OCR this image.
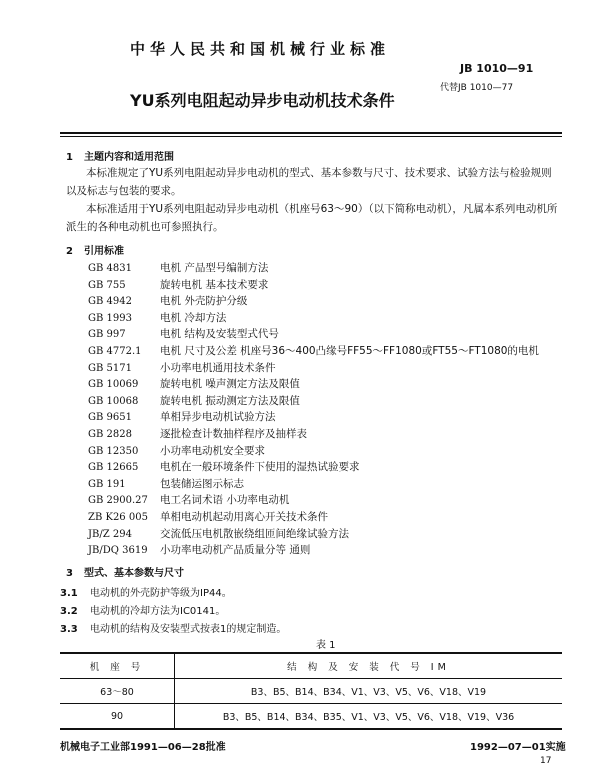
中华人民共和国机械行业标准
JB 1010—91
代替JB 1010—77
YU系列电阻起动异步电动机技术条件
1 主题内容和适用范围
本标准规定了YU系列电阻起动异步电动机的型式、基本参数与尺寸、技术要求、试验方法与检验规则以及标志与包装的要求。
本标准适用于YU系列电阻起动异步电动机（机座号63～90）（以下简称电动机），凡属本系列电动机所派生的各种电动机也可参照执行。
2 引用标准
GB 4831	电机 产品型号编制方法
GB 755	旋转电机 基本技术要求
GB 4942	电机 外壳防护分级
GB 1993	电机 冷却方法
GB 997	电机 结构及安装型式代号
GB 4772.1 电机 尺寸及公差 机座号36～400凸缘号FF55～FF1080或FT55～FT1080的电机
GB 5171	小功率电机通用技术条件
GB 10069 旋转电机 噪声测定方法及限值
GB 10068 旋转电机 振动测定方法及限值
GB 9651	单相异步电动机试验方法
GB 2828	逐批检查计数抽样程序及抽样表
GB 12350 小功率电动机安全要求
GB 12665 电机在一般环境条件下使用的湿热试验要求
GB 191	包装储运图示标志
GB 2900.27 电工名词术语 小功率电动机
ZB K26 005 单相电动机起动用离心开关技术条件
JB/Z 294	交流低压电机散嵌绕组匝间绝缘试验方法
JB/DQ 3619 小功率电动机产品质量分等 通则
3 型式、基本参数与尺寸
3.1 电动机的外壳防护等级为IP44。
3.2 电动机的冷却方法为IC0141。
3.3 电动机的结构及安装型式按表1的规定制造。
表 1
机 座 号	结 构 及 安 装 代 号 IM
63～80	B3、B5、B14、B34、V1、V3、V5、V6、V18、V19
90	B3、B5、B14、B34、B35、V1、V3、V5、V6、V18、V19、V36
机械电子工业部1991—06—28批准	1992—07—01实施
17
